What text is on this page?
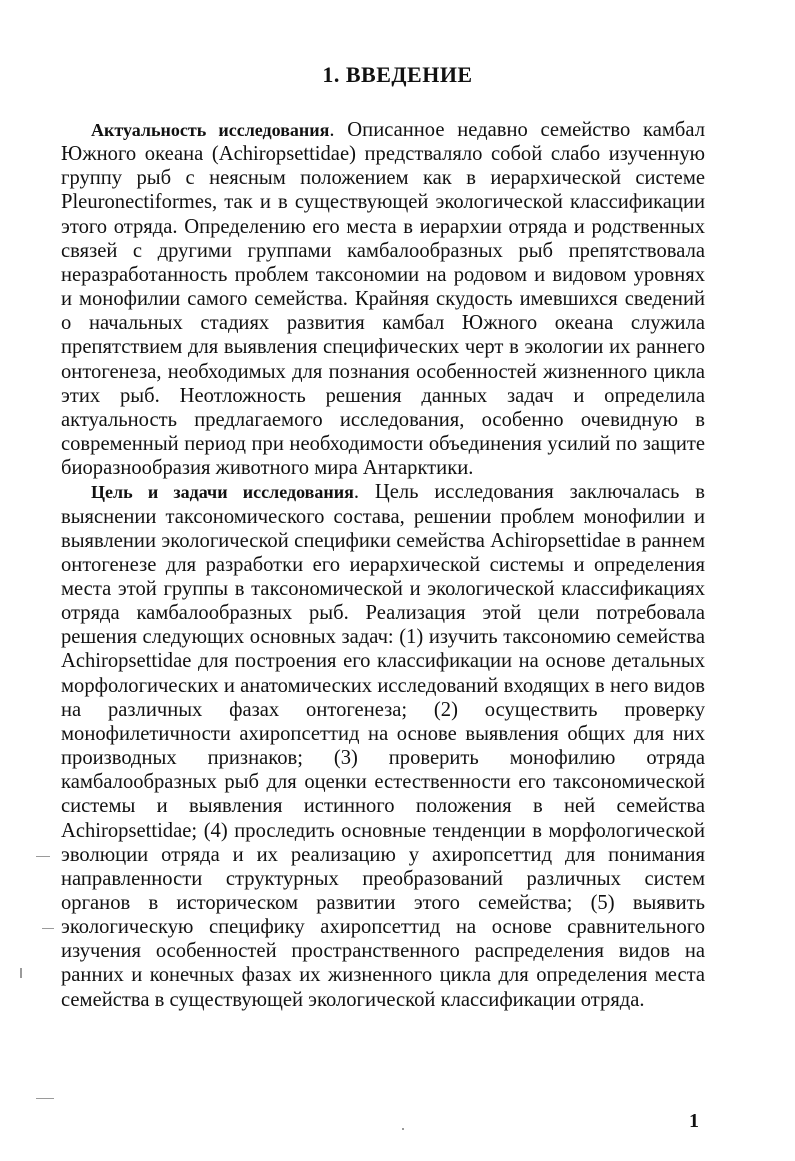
1. ВВЕДЕНИЕ

Актуальность исследования. Описанное недавно семейство камбал Южного океана (Achiropsettidae) предстваляло собой слабо изученную группу рыб с неясным положением как в иерархической системе Pleuronectiformes, так и в существующей экологической классификации этого отряда. Определению его места в иерархии отряда и родственных связей с другими группами камбалообразных рыб препятствовала неразработанность проблем таксономии на родовом и видовом уровнях и монофилии самого семейства. Крайняя скудость имевшихся сведений о начальных стадиях развития камбал Южного океана служила препятствием для выявления специфических черт в экологии их раннего онтогенеза, необходимых для познания особенностей жизненного цикла этих рыб. Неотложность решения данных задач и определила актуальность предлагаемого исследования, особенно очевидную в современный период при необходимости объединения усилий по защите биоразнообразия животного мира Антарктики.

Цель и задачи исследования. Цель исследования заключалась в выяснении таксономического состава, решении проблем монофилии и выявлении экологической специфики семейства Achiropsettidae в раннем онтогенезе для разработки его иерархической системы и определения места этой группы в таксономической и экологической классификациях отряда камбалообразных рыб. Реализация этой цели потребовала решения следующих основных задач: (1) изучить таксономию семейства Achiropsettidae для построения его классификации на основе детальных морфологических и анатомических исследований входящих в него видов на различных фазах онтогенеза; (2) осуществить проверку монофилетичности ахиропсеттид на основе выявления общих для них производных признаков; (3) проверить монофилию отряда камбалообразных рыб для оценки естественности его таксономической системы и выявления истинного положения в ней семейства Achiropsettidae; (4) проследить основные тенденции в морфологической эволюции отряда и их реализацию у ахиропсеттид для понимания направленности структурных преобразований различных систем органов в историческом развитии этого семейства; (5) выявить экологическую специфику ахиропсеттид на основе сравнительного изучения особенностей пространственного распределения видов на ранних и конечных фазах их жизненного цикла для определения места семейства в существующей экологической классификации отряда.

1
